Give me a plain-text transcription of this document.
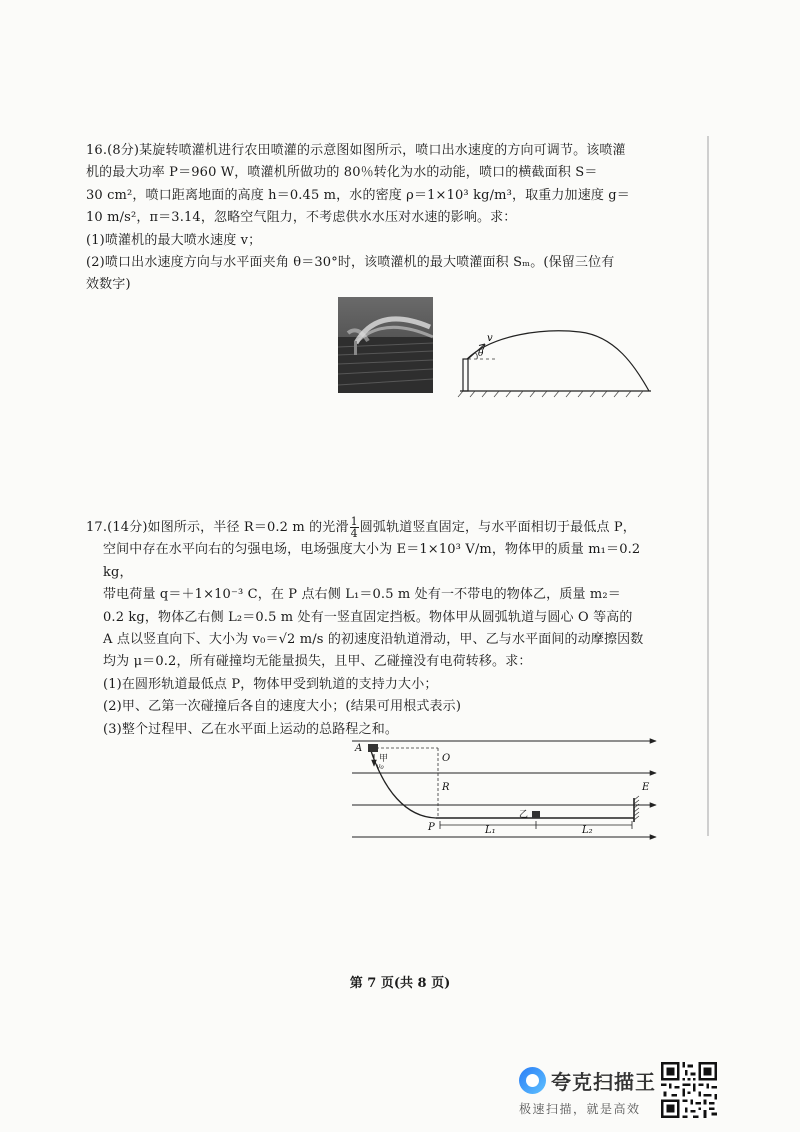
16.(8分)某旋转喷灌机进行农田喷灌的示意图如图所示，喷口出水速度的方向可调节。该喷灌

机的最大功率 P＝960 W，喷灌机所做功的 80％转化为水的动能，喷口的横截面积 S＝

30 cm²，喷口距离地面的高度 h＝0.45 m，水的密度 ρ＝1×10³ kg/m³，取重力加速度 g＝

10 m/s²，π＝3.14，忽略空气阻力，不考虑供水水压对水速的影响。求：

(1)喷灌机的最大喷水速度 v；

(2)喷口出水速度方向与水平面夹角 θ＝30°时，该喷灌机的最大喷灌面积 Sₘ。(保留三位有

效数字)

v
θ

17.(14分)如图所示，半径 R＝0.2 m 的光滑 $\frac{1}{4}$ 圆弧轨道竖直固定，与水平面相切于最低点 P，

空间中存在水平向右的匀强电场，电场强度大小为 E＝1×10³ V/m，物体甲的质量 m₁＝0.2 kg，

带电荷量 q＝＋1×10⁻³ C，在 P 点右侧 L₁＝0.5 m 处有一不带电的物体乙，质量 m₂＝

0.2 kg，物体乙右侧 L₂＝0.5 m 处有一竖直固定挡板。物体甲从圆弧轨道与圆心 O 等高的

A 点以竖直向下、大小为 v₀＝√2 m/s 的初速度沿轨道滑动，甲、乙与水平面间的动摩擦因数

均为 μ＝0.2，所有碰撞均无能量损失，且甲、乙碰撞没有电荷转移。求：

(1)在圆形轨道最低点 P，物体甲受到轨道的支持力大小；

(2)甲、乙第一次碰撞后各自的速度大小；(结果可用根式表示)

(3)整个过程甲、乙在水平面上运动的总路程之和。

A
O
R	E
P	L₁	L₂
v₀
甲
乙
第 7 页(共 8 页)
夸克扫描王
极速扫描，就是高效
